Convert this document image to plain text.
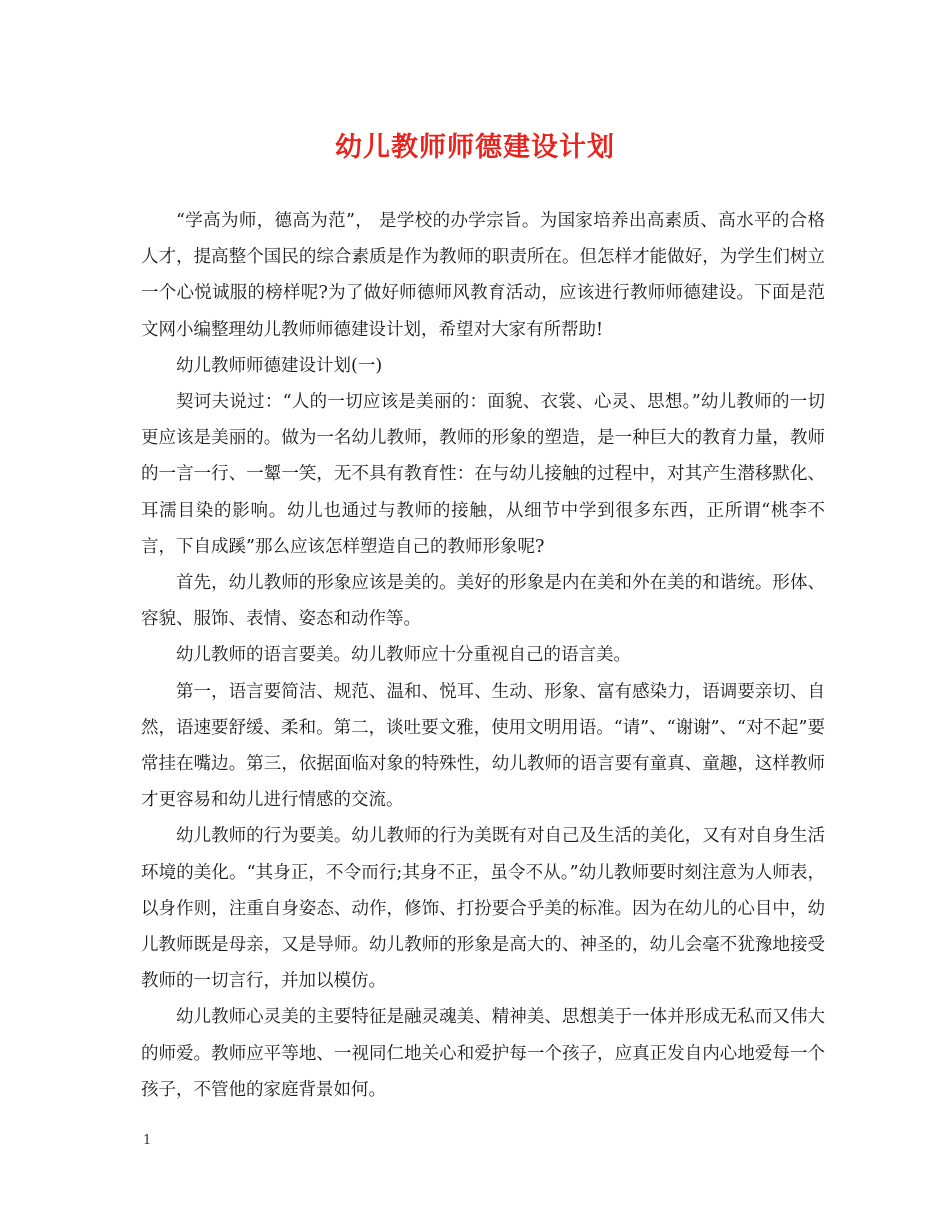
幼儿教师师德建设计划

“学高为师，德高为范”， 是学校的办学宗旨。为国家培养出高素质、高水平的合格人才，提高整个国民的综合素质是作为教师的职责所在。但怎样才能做好，为学生们树立一个心悦诚服的榜样呢?为了做好师德师风教育活动，应该进行教师师德建设。下面是范文网小编整理幼儿教师师德建设计划，希望对大家有所帮助!

幼儿教师师德建设计划(一)

契诃夫说过：“人的一切应该是美丽的：面貌、衣裳、心灵、思想。”幼儿教师的一切更应该是美丽的。做为一名幼儿教师，教师的形象的塑造，是一种巨大的教育力量，教师的一言一行、一颦一笑，无不具有教育性：在与幼儿接触的过程中，对其产生潜移默化、耳濡目染的影响。幼儿也通过与教师的接触，从细节中学到很多东西，正所谓“桃李不言，下自成蹊”那么应该怎样塑造自己的教师形象呢?

首先，幼儿教师的形象应该是美的。美好的形象是内在美和外在美的和谐统。形体、容貌、服饰、表情、姿态和动作等。

幼儿教师的语言要美。幼儿教师应十分重视自己的语言美。

第一，语言要简洁、规范、温和、悦耳、生动、形象、富有感染力，语调要亲切、自然，语速要舒缓、柔和。第二，谈吐要文雅，使用文明用语。“请”、“谢谢”、“对不起”要常挂在嘴边。第三，依据面临对象的特殊性，幼儿教师的语言要有童真、童趣，这样教师才更容易和幼儿进行情感的交流。

幼儿教师的行为要美。幼儿教师的行为美既有对自己及生活的美化，又有对自身生活环境的美化。“其身正，不令而行;其身不正，虽令不从。”幼儿教师要时刻注意为人师表，以身作则，注重自身姿态、动作，修饰、打扮要合乎美的标准。因为在幼儿的心目中，幼儿教师既是母亲，又是导师。幼儿教师的形象是高大的、神圣的，幼儿会毫不犹豫地接受教师的一切言行，并加以模仿。

幼儿教师心灵美的主要特征是融灵魂美、精神美、思想美于一体并形成无私而又伟大的师爱。教师应平等地、一视同仁地关心和爱护每一个孩子，应真正发自内心地爱每一个孩子，不管他的家庭背景如何。

1
